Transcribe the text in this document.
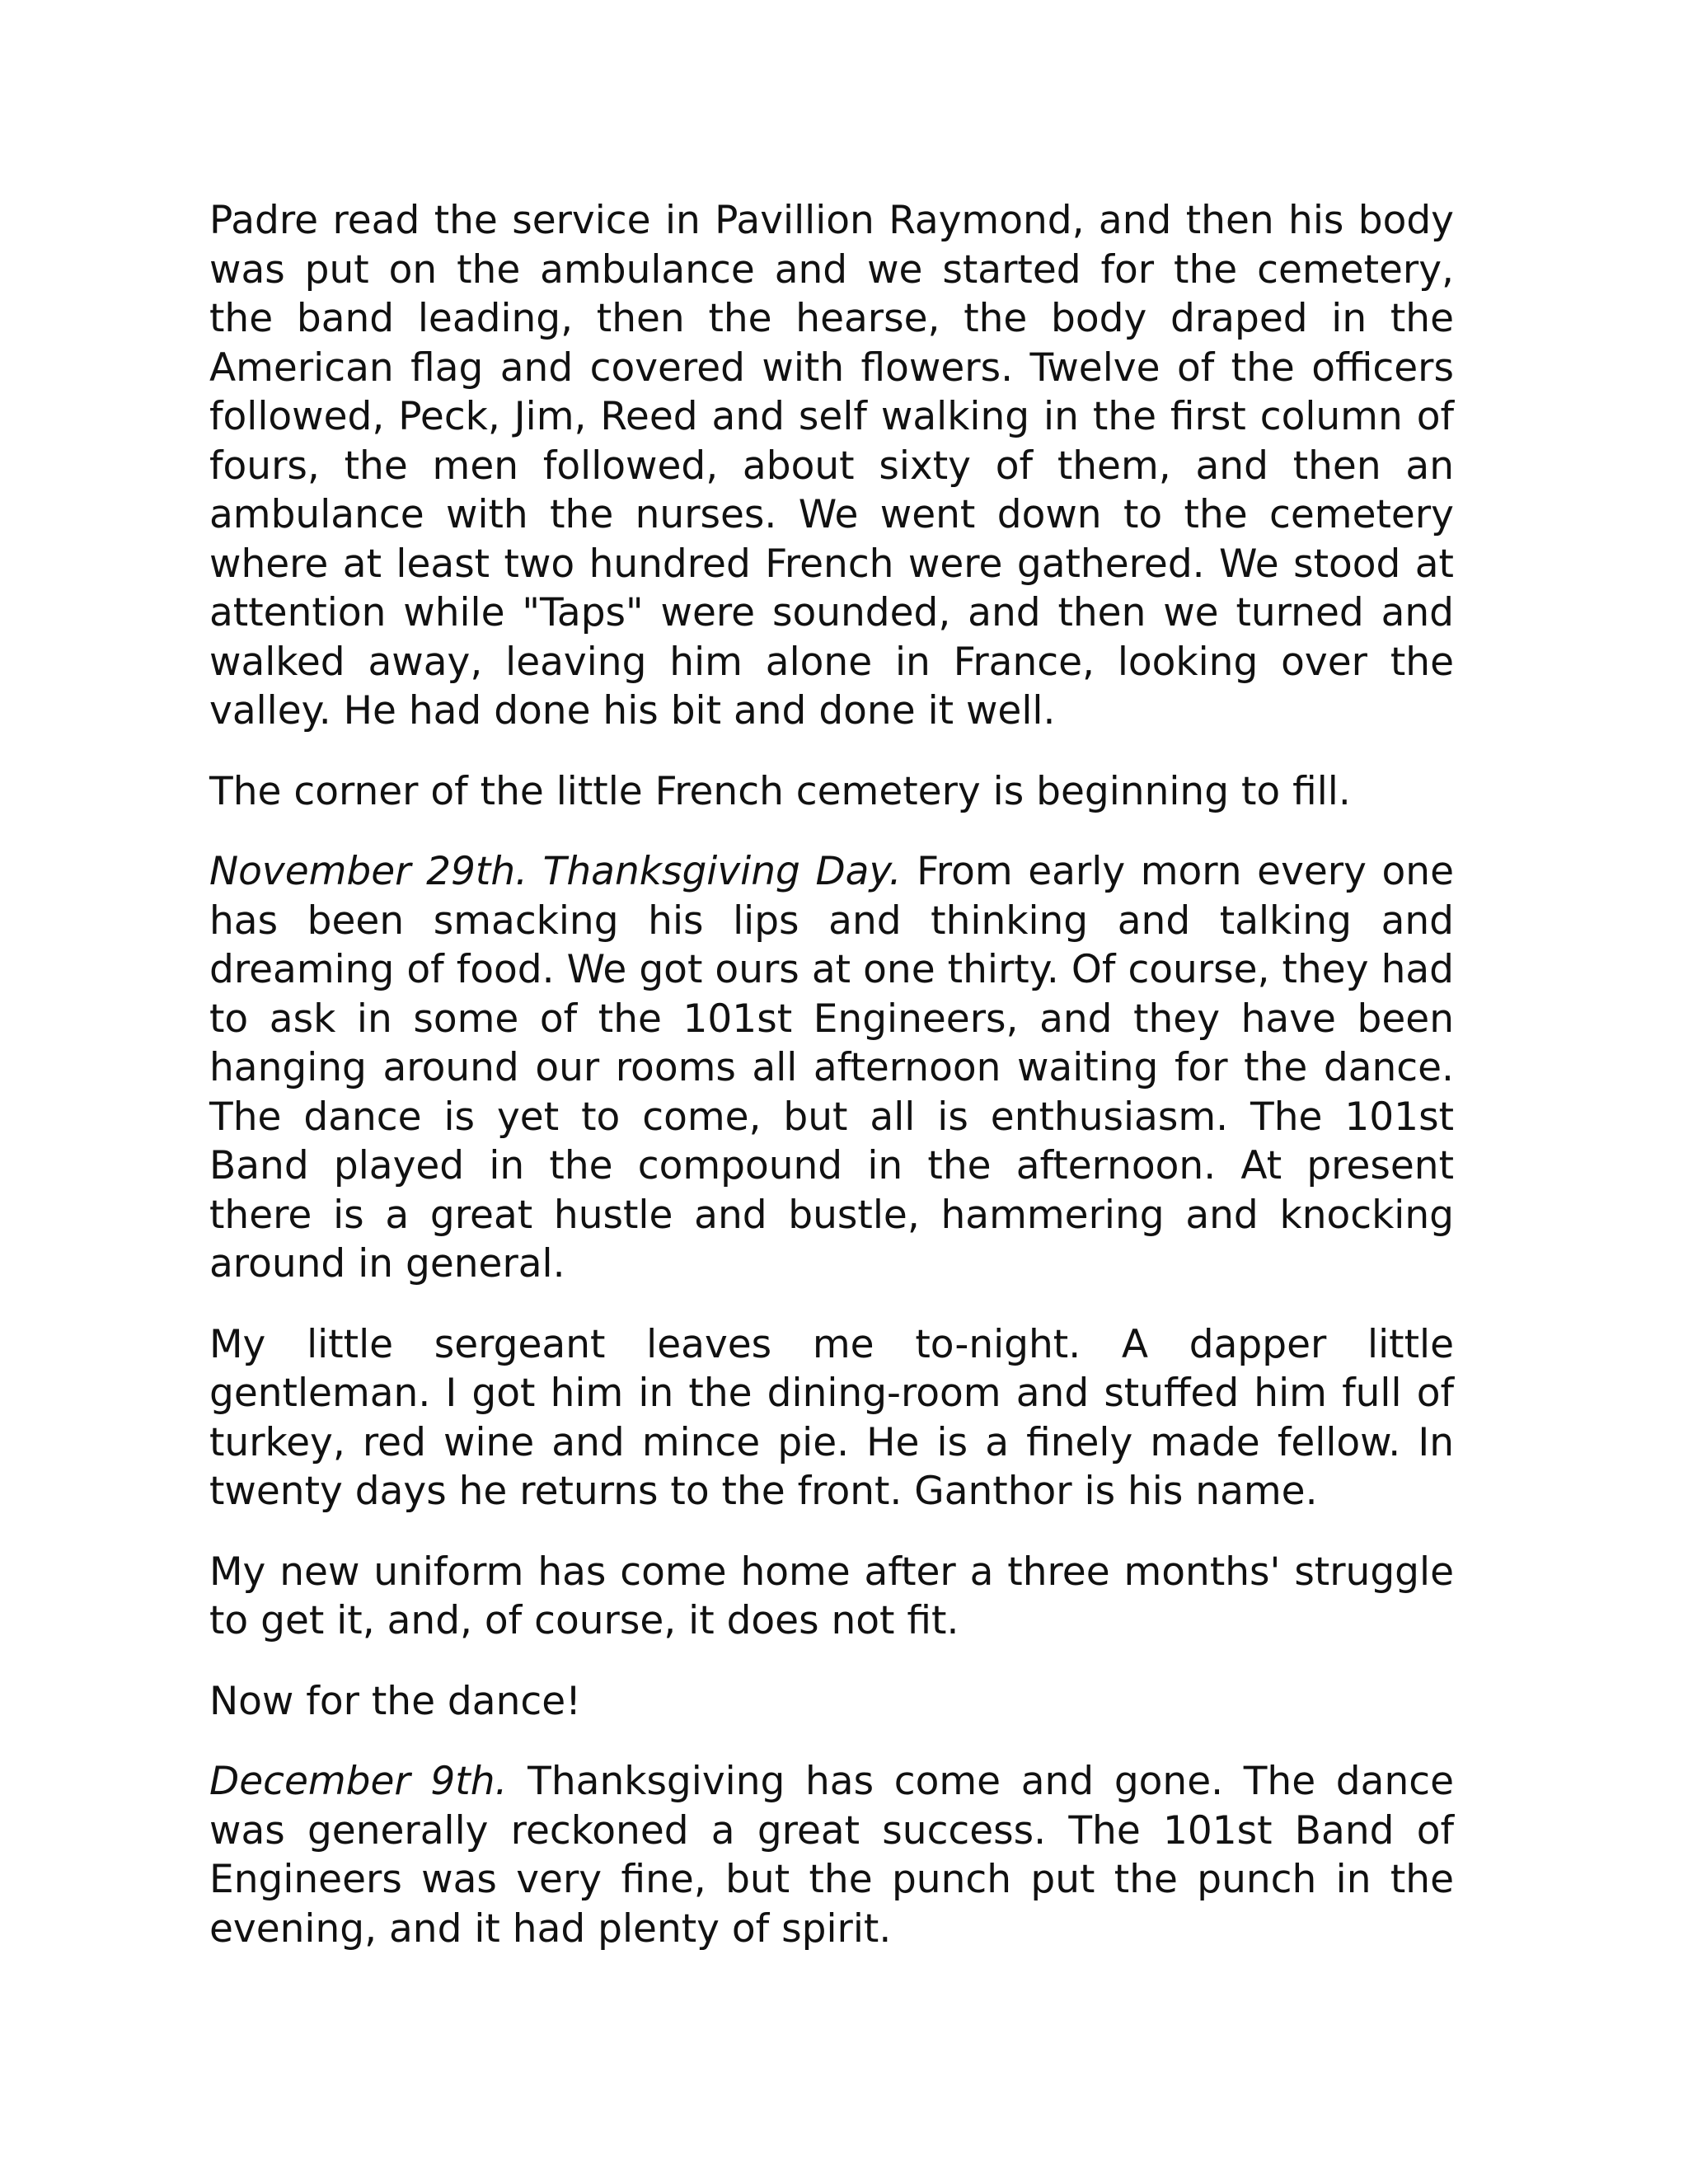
Padre read the service in Pavillion Raymond, and then his body was put on the ambulance and we started for the cemetery, the band leading, then the hearse, the body draped in the American flag and covered with flowers. Twelve of the officers followed, Peck, Jim, Reed and self walking in the first column of fours, the men followed, about sixty of them, and then an ambulance with the nurses. We went down to the cemetery where at least two hundred French were gathered. We stood at attention while "Taps" were sounded, and then we turned and walked away, leaving him alone in France, looking over the valley. He had done his bit and done it well.

The corner of the little French cemetery is beginning to fill.

November 29th. Thanksgiving Day. From early morn every one has been smacking his lips and thinking and talking and dreaming of food. We got ours at one thirty. Of course, they had to ask in some of the 101st Engineers, and they have been hanging around our rooms all afternoon waiting for the dance. The dance is yet to come, but all is enthusiasm. The 101st Band played in the compound in the afternoon. At present there is a great hustle and bustle, hammering and knocking around in general.

My little sergeant leaves me to-night. A dapper little gentleman. I got him in the dining-room and stuffed him full of turkey, red wine and mince pie. He is a finely made fellow. In twenty days he returns to the front. Ganthor is his name.

My new uniform has come home after a three months' struggle to get it, and, of course, it does not fit.

Now for the dance!

December 9th. Thanksgiving has come and gone. The dance was generally reckoned a great success. The 101st Band of Engineers was very fine, but the punch put the punch in the evening, and it had plenty of spirit.
